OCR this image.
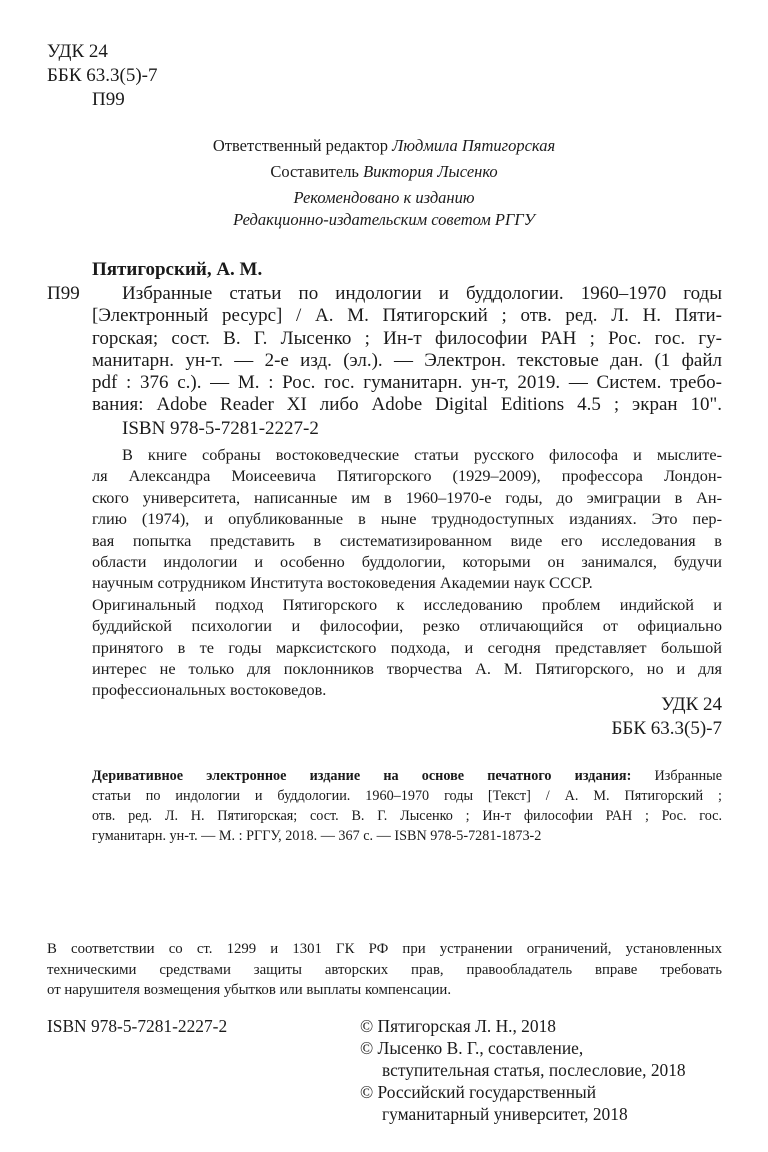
УДК 24
ББК 63.3(5)-7
П99
Ответственный редактор Людмила Пятигорская
Составитель Виктория Лысенко
Рекомендовано к изданию
Редакционно-издательским советом РГГУ
Пятигорский, А. М.
П99	Избранные статьи по индологии и буддологии. 1960–1970 годы
[Электронный ресурс] / А. М. Пятигорский ; отв. ред. Л. Н. Пяти-
горская; сост. В. Г. Лысенко ; Ин-т философии РАН ; Рос. гос. гу-
манитарн. ун-т. — 2-е изд. (эл.). — Электрон. текстовые дан. (1 файл
pdf : 376 с.). — М. : Рос. гос. гуманитарн. ун-т, 2019. — Систем. требо-
вания: Adobe Reader XI либо Adobe Digital Editions 4.5 ; экран 10".
ISBN 978-5-7281-2227-2
В книге собраны востоковедческие статьи русского философа и мыслите-
ля Александра Моисеевича Пятигорского (1929–2009), профессора Лондон-
ского университета, написанные им в 1960–1970-е годы, до эмиграции в Ан-
глию (1974), и опубликованные в ныне труднодоступных изданиях. Это пер-
вая попытка представить в систематизированном виде его исследования в
области индологии и особенно буддологии, которыми он занимался, будучи
научным сотрудником Института востоковедения Академии наук СССР.
Оригинальный подход Пятигорского к исследованию проблем индийской и
буддийской психологии и философии, резко отличающийся от официально
принятого в те годы марксистского подхода, и сегодня представляет большой
интерес не только для поклонников творчества А. М. Пятигорского, но и для
профессиональных востоковедов.
УДК 24
ББК 63.3(5)-7
Деривативное электронное издание на основе печатного издания: Избранные
статьи по индологии и буддологии. 1960–1970 годы [Текст] / А. М. Пятигорский ;
отв. ред. Л. Н. Пятигорская; сост. В. Г. Лысенко ; Ин-т философии РАН ; Рос. гос.
гуманитарн. ун-т. — М. : РГГУ, 2018. — 367 с. — ISBN 978-5-7281-1873-2
В соответствии со ст. 1299 и 1301 ГК РФ при устранении ограничений, установленных
техническими средствами защиты авторских прав, правообладатель вправе требовать
от нарушителя возмещения убытков или выплаты компенсации.
ISBN 978-5-7281-2227-2	© Пятигорская Л. Н., 2018
© Лысенко В. Г., составление,
вступительная статья, послесловие, 2018
© Российский государственный
гуманитарный университет, 2018
